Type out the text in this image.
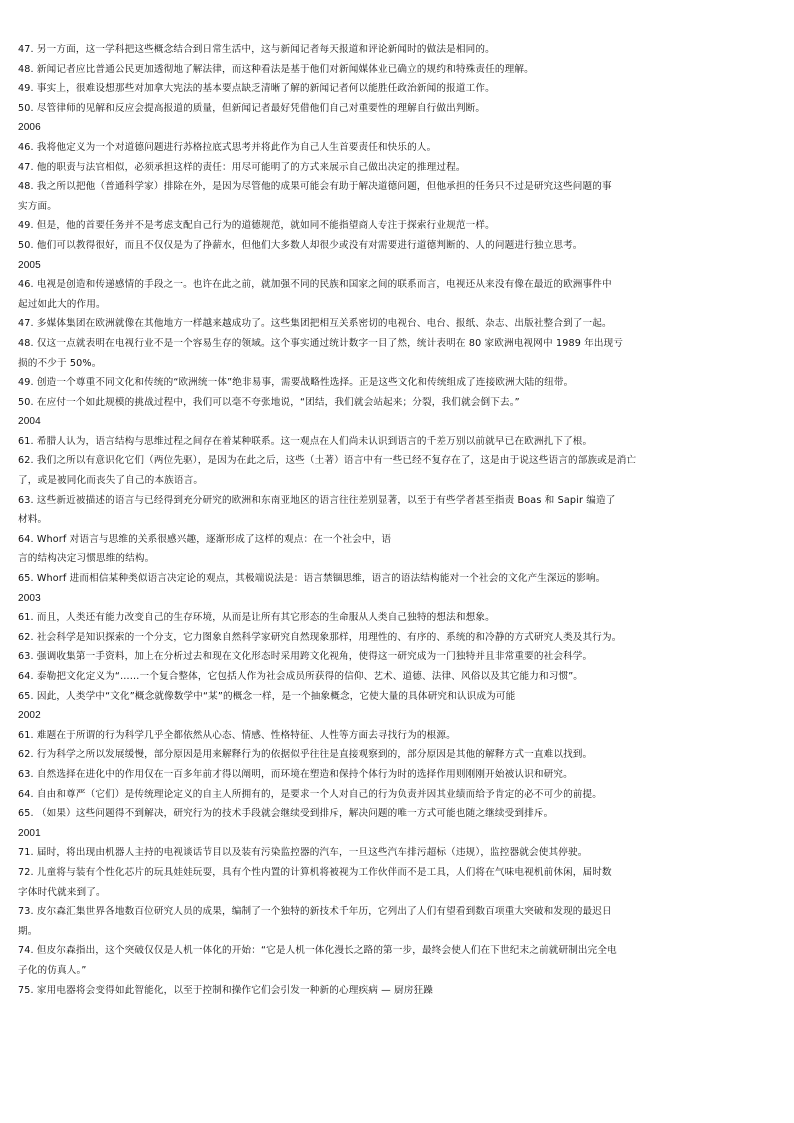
47. 另一方面，这一学科把这些概念结合到日常生活中，这与新闻记者每天报道和评论新闻时的做法是相同的。
48. 新闻记者应比普通公民更加透彻地了解法律，而这种看法是基于他们对新闻媒体业已确立的规约和特殊责任的理解。
49. 事实上，很难设想那些对加拿大宪法的基本要点缺乏清晰了解的新闻记者何以能胜任政治新闻的报道工作。
50. 尽管律师的见解和反应会提高报道的质量，但新闻记者最好凭借他们自己对重要性的理解自行做出判断。
2006
46. 我将他定义为一个对道德问题进行苏格拉底式思考并将此作为自己人生首要责任和快乐的人。
47. 他的职责与法官相似，必须承担这样的责任：用尽可能明了的方式来展示自己做出决定的推理过程。
48. 我之所以把他（普通科学家）排除在外，是因为尽管他的成果可能会有助于解决道德问题，但他承担的任务只不过是研究这些问题的事
实方面。
49. 但是，他的首要任务并不是考虑支配自己行为的道德规范，就如同不能指望商人专注于探索行业规范一样。
50. 他们可以教得很好，而且不仅仅是为了挣薪水，但他们大多数人却很少或没有对需要进行道德判断的、人的问题进行独立思考。
2005
46. 电视是创造和传递感情的手段之一。也许在此之前，就加强不同的民族和国家之间的联系而言，电视还从来没有像在最近的欧洲事件中
起过如此大的作用。
47. 多媒体集团在欧洲就像在其他地方一样越来越成功了。这些集团把相互关系密切的电视台、电台、报纸、杂志、出版社整合到了一起。
48. 仅这一点就表明在电视行业不是一个容易生存的领域。这个事实通过统计数字一目了然，统计表明在 80 家欧洲电视网中 1989 年出现亏
损的不少于 50%。
49. 创造一个尊重不同文化和传统的“欧洲统一体”绝非易事，需要战略性选择。正是这些文化和传统组成了连接欧洲大陆的纽带。
50. 在应付一个如此规模的挑战过程中，我们可以毫不夸张地说，“团结，我们就会站起来；分裂，我们就会倒下去。”
2004
61. 希腊人认为，语言结构与思维过程之间存在着某种联系。这一观点在人们尚未认识到语言的千差万别以前就早已在欧洲扎下了根。
62. 我们之所以有意识化它们（两位先驱），是因为在此之后，这些（土著）语言中有一些已经不复存在了，这是由于说这些语言的部族或是消亡
了，或是被同化而丧失了自己的本族语言。
63. 这些新近被描述的语言与已经得到充分研究的欧洲和东南亚地区的语言往往差别显著，以至于有些学者甚至指责 Boas 和 Sapir 编造了
材料。
64. Whorf 对语言与思维的关系很感兴趣，逐渐形成了这样的观点：在一个社会中，语
言的结构决定习惯思维的结构。
65. Whorf 进而相信某种类似语言决定论的观点，其极端说法是：语言禁锢思维，语言的语法结构能对一个社会的文化产生深远的影响。
2003
61. 而且，人类还有能力改变自己的生存环境，从而是让所有其它形态的生命服从人类自己独特的想法和想象。
62. 社会科学是知识探索的一个分支，它力图象自然科学家研究自然现象那样，用理性的、有序的、系统的和冷静的方式研究人类及其行为。
63. 强调收集第一手资料，加上在分析过去和现在文化形态时采用跨文化视角，使得这一研究成为一门独特并且非常重要的社会科学。
64. 泰勒把文化定义为“……一个复合整体，它包括人作为社会成员所获得的信仰、艺术、道德、法律、风俗以及其它能力和习惯”。
65. 因此，人类学中“文化”概念就像数学中“某”的概念一样，是一个抽象概念，它使大量的具体研究和认识成为可能
2002
61. 难题在于所谓的行为科学几乎全都依然从心态、情感、性格特征、人性等方面去寻找行为的根源。
62. 行为科学之所以发展缓慢，部分原因是用来解释行为的依据似乎往往是直接观察到的，部分原因是其他的解释方式一直难以找到。
63. 自然选择在进化中的作用仅在一百多年前才得以阐明，而环境在塑造和保持个体行为时的选择作用则刚刚开始被认识和研究。
64. 自由和尊严（它们）是传统理论定义的自主人所拥有的，是要求一个人对自己的行为负责并因其业绩而给予肯定的必不可少的前提。
65. （如果）这些问题得不到解决，研究行为的技术手段就会继续受到排斥，解决问题的唯一方式可能也随之继续受到排斥。
2001
71. 届时，将出现由机器人主持的电视谈话节目以及装有污染监控器的汽车，一旦这些汽车排污超标（违规），监控器就会使其停驶。
72. 儿童将与装有个性化芯片的玩具娃娃玩耍，具有个性内置的计算机将被视为工作伙伴而不是工具，人们将在气味电视机前休闲，届时数
字体时代就来到了。
73. 皮尔森汇集世界各地数百位研究人员的成果，编制了一个独特的新技术千年历，它列出了人们有望看到数百项重大突破和发现的最迟日
期。
74. 但皮尔森指出，这个突破仅仅是人机一体化的开始：“它是人机一体化漫长之路的第一步，最终会使人们在下世纪末之前就研制出完全电
子化的仿真人。”
75. 家用电器将会变得如此智能化，以至于控制和操作它们会引发一种新的心理疾病 — 厨房狂躁
